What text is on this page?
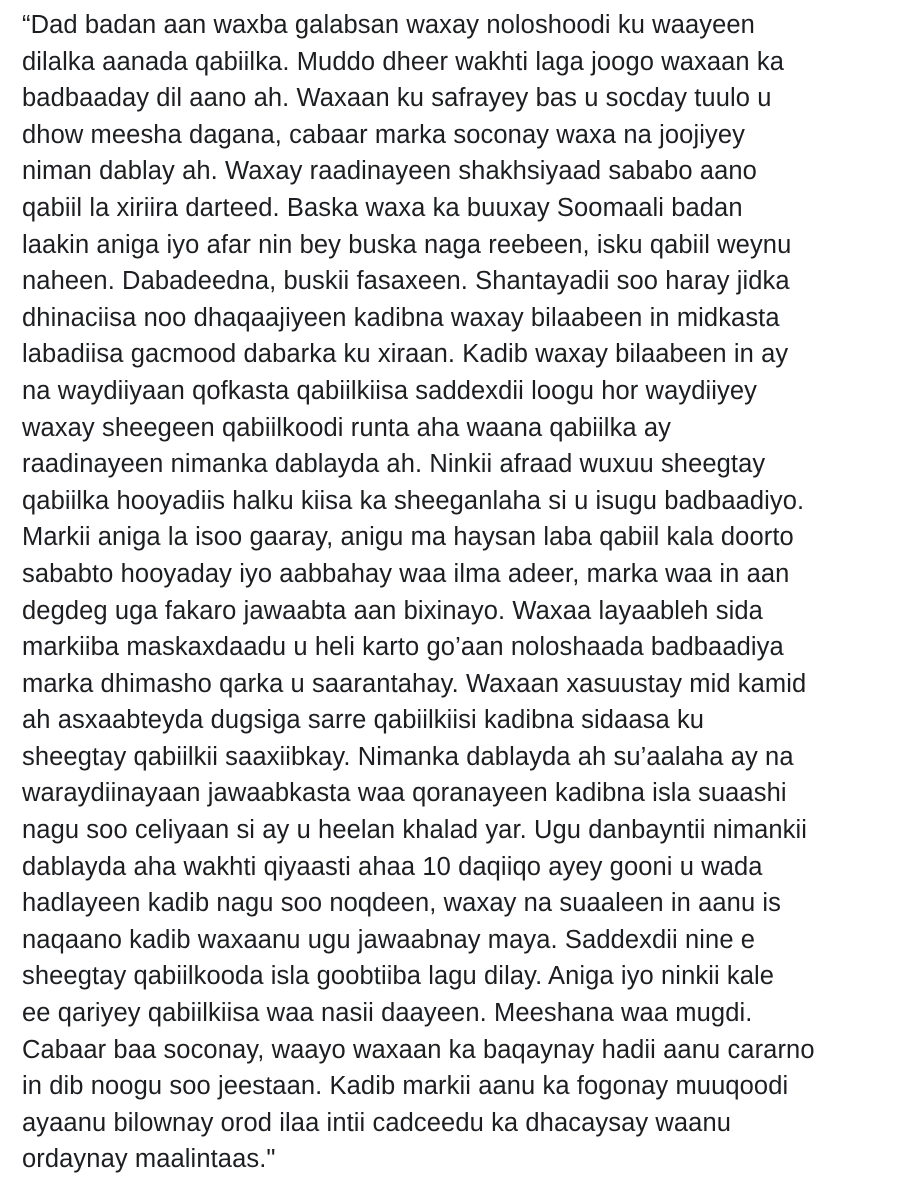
“Dad badan aan waxba galabsan waxay noloshoodi ku waayeen
dilalka aanada qabiilka. Muddo dheer wakhti laga joogo waxaan ka
badbaaday dil aano ah. Waxaan ku safrayey bas u socday tuulo u
dhow meesha dagana, cabaar marka soconay waxa na joojiyey
niman dablay ah. Waxay raadinayeen shakhsiyaad sababo aano
qabiil la xiriira darteed. Baska waxa ka buuxay Soomaali badan
laakin aniga iyo afar nin bey buska naga reebeen, isku qabiil weynu
naheen. Dabadeedna, buskii fasaxeen. Shantayadii soo haray jidka
dhinaciisa noo dhaqaajiyeen kadibna waxay bilaabeen in midkasta
labadiisa gacmood dabarka ku xiraan. Kadib waxay bilaabeen in ay
na waydiiyaan qofkasta qabiilkiisa saddexdii loogu hor waydiiyey
waxay sheegeen qabiilkoodi runta aha waana qabiilka ay
raadinayeen nimanka dablayda ah. Ninkii afraad wuxuu sheegtay
qabiilka hooyadiis halku kiisa ka sheeganlaha si u isugu badbaadiyo.
Markii aniga la isoo gaaray, anigu ma haysan laba qabiil kala doorto
sababto hooyaday iyo aabbahay waa ilma adeer, marka waa in aan
degdeg uga fakaro jawaabta aan bixinayo. Waxaa layaableh sida
markiiba maskaxdaadu u heli karto go’aan noloshaada badbaadiya
marka dhimasho qarka u saarantahay. Waxaan xasuustay mid kamid
ah asxaabteyda dugsiga sarre qabiilkiisi kadibna sidaasa ku
sheegtay qabiilkii saaxiibkay. Nimanka dablayda ah su’aalaha ay na
waraydiinayaan jawaabkasta waa qoranayeen kadibna isla suaashi
nagu soo celiyaan si ay u heelan khalad yar. Ugu danbayntii nimankii
dablayda aha wakhti qiyaasti ahaa 10 daqiiqo ayey gooni u wada
hadlayeen kadib nagu soo noqdeen, waxay na suaaleen in aanu is
naqaano kadib waxaanu ugu jawaabnay maya. Saddexdii nine e
sheegtay qabiilkooda isla goobtiiba lagu dilay. Aniga iyo ninkii kale
ee qariyey qabiilkiisa waa nasii daayeen. Meeshana waa mugdi.
Cabaar baa soconay, waayo waxaan ka baqaynay hadii aanu cararno
in dib noogu soo jeestaan. Kadib markii aanu ka fogonay muuqoodi
ayaanu bilownay orod ilaa intii cadceedu ka dhacaysay waanu
ordaynay maalintaas."
